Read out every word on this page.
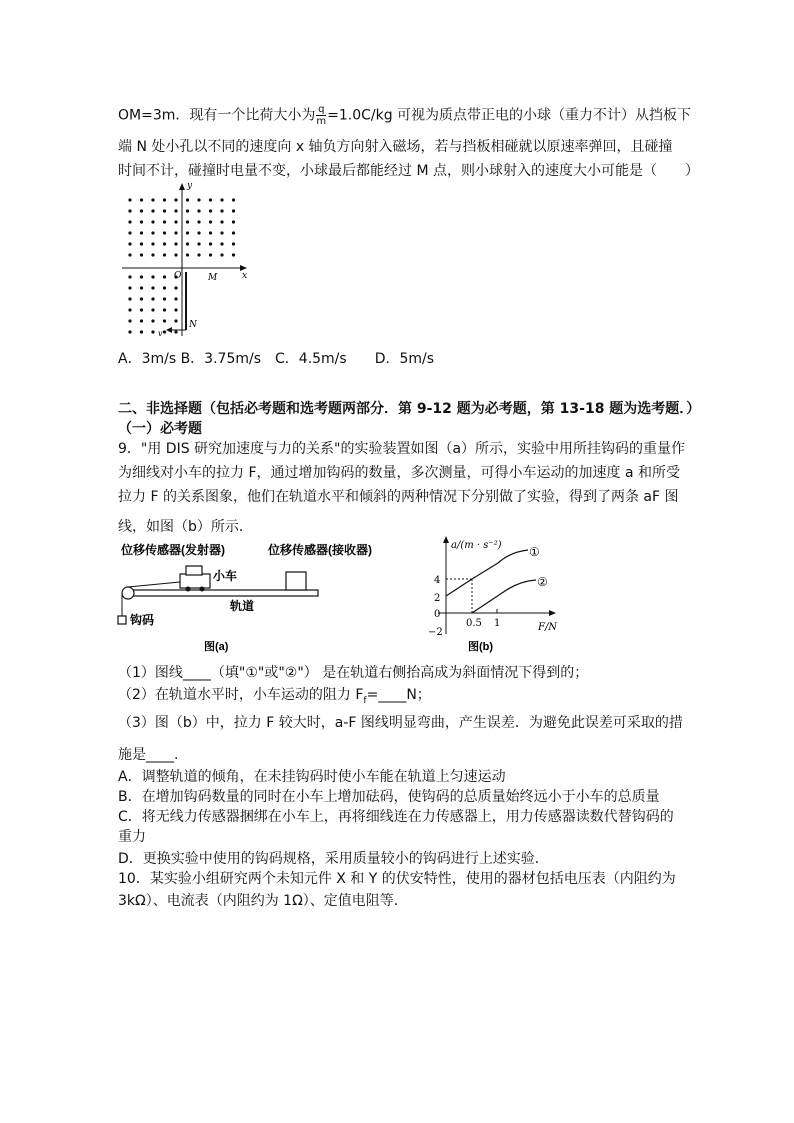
OM=3m．现有一个比荷大小为 $\frac{q}{m} =1.0C/kg$ 可视为质点带正电的小球（重力不计）从挡板下
端 N 处小孔以不同的速度向 x 轴负方向射入磁场，若与挡板相碰就以原速率弹回，且碰撞
时间不计，碰撞时电量不变，小球最后都能经过 M 点，则小球射入的速度大小可能是（　　）
y
x
O	M
N
v
A．3m/s B．3.75m/s　C．4.5m/s　　D．5m/s
二、非选择题（包括必考题和选考题两部分．第 9-12 题为必考题，第 13-18 题为选考题．）
（一）必考题
9．"用 DIS 研究加速度与力的关系"的实验装置如图（a）所示，实验中用所挂钩码的重量作
为细线对小车的拉力 F，通过增加钩码的数量，多次测量，可得小车运动的加速度 a 和所受
拉力 F 的关系图象，他们在轨道水平和倾斜的两种情况下分别做了实验，得到了两条 aF 图
线，如图（b）所示．
位移传感器(发射器)	位移传感器(接收器)
小车
轨道
钩码
图(a)
a/(m · s⁻²)
F/N
4
2
0
−2
0.5 1
①
②
图(b)
（1）图线____（填"①"或"②"） 是在轨道右侧抬高成为斜面情况下得到的；
（2）在轨道水平时，小车运动的阻力 $F_f=\_\_\_\_N$；
（3）图（b）中，拉力 F 较大时，a-F 图线明显弯曲，产生误差．为避免此误差可采取的措
施是____.
A．调整轨道的倾角，在未挂钩码时使小车能在轨道上匀速运动
B．在增加钩码数量的同时在小车上增加砝码，使钩码的总质量始终远小于小车的总质量
C．将无线力传感器捆绑在小车上，再将细线连在力传感器上，用力传感器读数代替钩码的
重力
D．更换实验中使用的钩码规格，采用质量较小的钩码进行上述实验．
10．某实验小组研究两个未知元件 X 和 Y 的伏安特性，使用的器材包括电压表（内阻约为
3kΩ）、电流表（内阻约为 1Ω）、定值电阻等．
